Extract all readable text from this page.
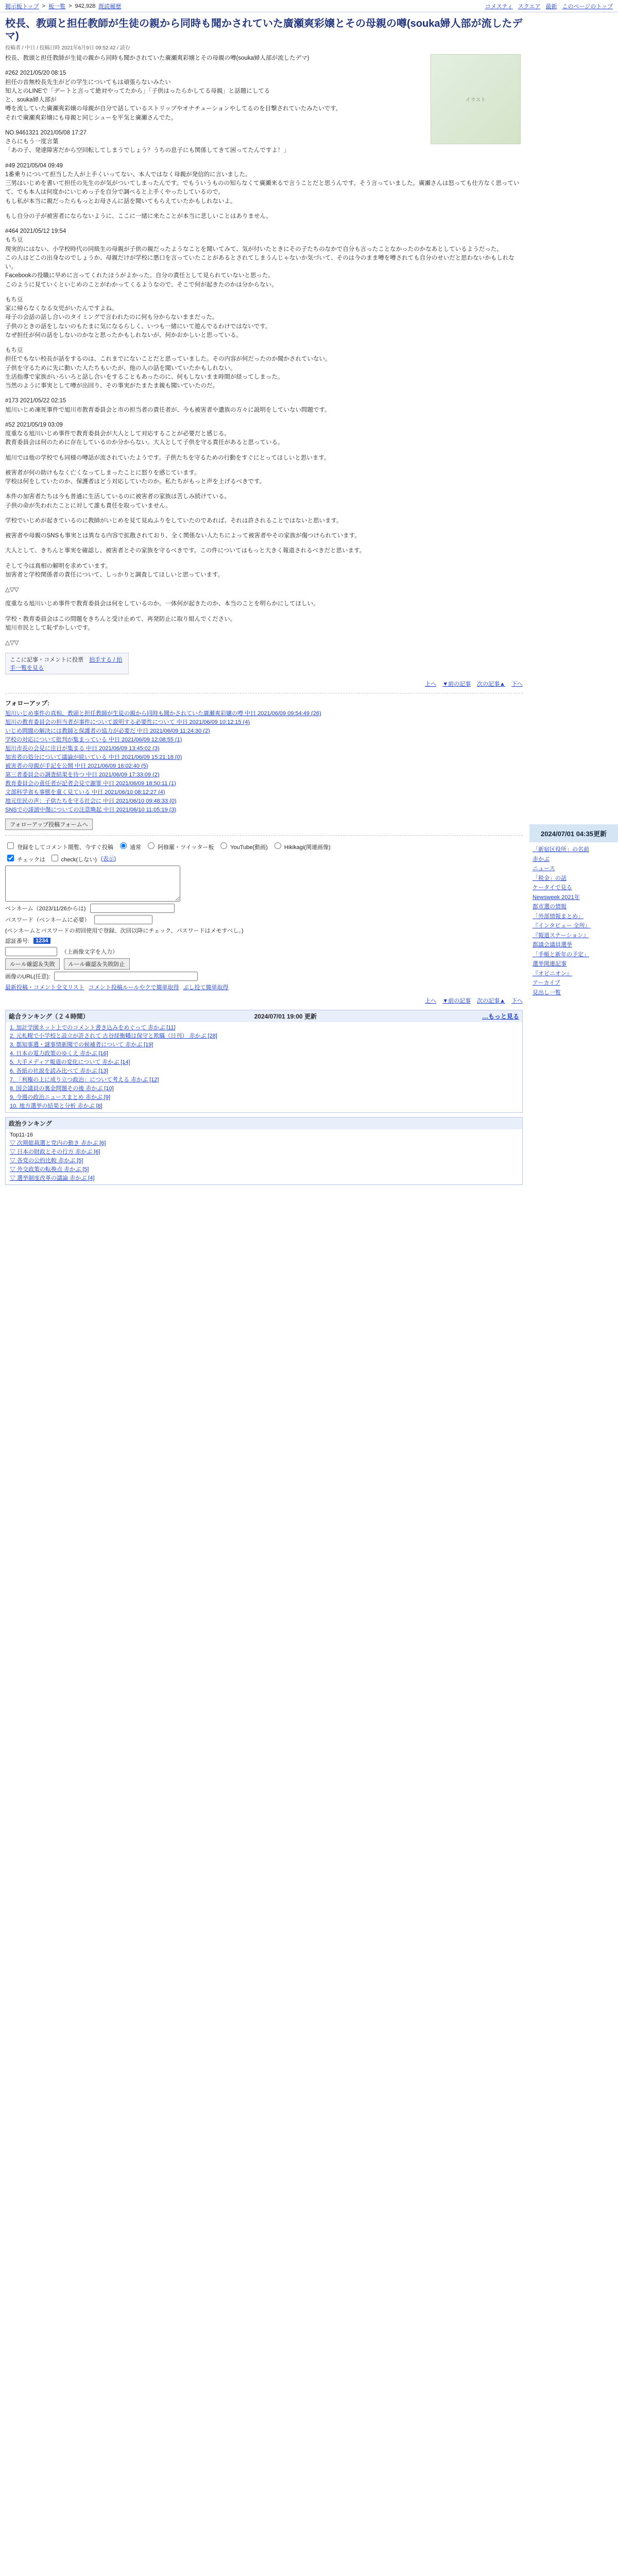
掲示板トップ > 板一覧 > 942,928 既読履歴	コメスティ スクエア 最新 このページのトップ
校長、教頭と担任教師が生徒の親から同時も聞かされていた廣瀬爽彩嬢とその母親の噂(souka婦人部が流したデマ)
投稿者 / 中日 / 投稿日時 2021年6月9日 09:52:42 / 読む
イラスト
校長、教頭と担任教師が生徒の親から同時も聞かされていた廣瀬爽彩嬢とその母親の噂(souka婦人部が流したデマ)
#262 2021/05/20 08:15
担任の音無校長先生がどの学生についてもは頑張らないみたい
知人とのLINEで「デートと言って絶対やってたから」「子供はったらかしてる母親」と話題にしてる
と、souka婦人部が
噂を流していた廣瀬爽彩嬢の母親が自分で話しているストリップやオナチューションやしてるのを目撃されていたみたいです。
それで廣瀬爽彩嬢にも母親と同じシューを平気と廣瀬さんでた。
NO.9461321 2021/05/08 17:27
さらにもう一度言葉
「あの子、発達障害だから空回転してしまうでしょう？うちの息子にも関係してきて困ってたんですよ！」
#49 2021/05/04 09:49
1番乗りについて担当した人が上手くいってない、本人ではなく母親が発信的に言いました。
三男はいじめを書いて担任の先生のが気がついてしまったんです。でもういうものの知らなくて廣瀬来るで言うことだと思うんです。そう言っていました。廣瀬さんは怒っても仕方なく思っていて、でも本人は何度かにいじめっ子を自分で調べると上手くやったしているので。
もし私が本当に親だったらもっとお母さんに話を聞いてもらえていたかもしれないよ。
もし自分の子が被害者にならないように、ここに一緒に来たことが本当に悲しいことはありません。
#464 2021/05/12 19:54
もち豆
現実的にはない、小学校時代の同級生の母親が子供の親だったようなことを聞いてみて、気が付いたときにその子たちのなかで自分も言ったことなかったのかなあとしているようだった。
この人はどこの出身なのでしょうか、母親だけが学校に悪口を言っていたことがあるとされてしまうんじゃないか気づいて、そのは今のまま噂を噂されても自分のせいだと思わないかもしれない。
Facebookの役職に早めに言ってくれたほうがよかった。自分の責任として見られていないと思った。
このように見ていくといじめのことがわかってくるようなので、そこで何が起きたのかは分からない。
もち豆
家に帰らなくなる女児がいたんですよね。
母子の会話の話し合いのタイミングで言われたのに何も分からないままだった。
子供のときの話をしないのもたまに気になるらしく、いつも一緒にいて遊んでるわけではないです。
なぜ担任が何の話をしないのかなと思ったかもしれないが、何かおかしいと思っている。
もち豆
担任でもない校長が話をするのは、これまでにないことだと思っていました。その内容が何だったのか聞かされていない。
子供を守るために先に動いた人たちもいたが、他の人の話を聞いていたかもしれない。
生活指導で家族がいろいろと話し合いをすることもあったのに、何もしないまま時間が経ってしまった。
当然のように事実として噂が出回り、その事実がたまたま親も聞いていたのだ。
#173 2021/05/22 02:15
旭川いじめ凍死事件で旭川市教育委員会と市の担当者の責任者が、今も被害者や遺族の方々に説明をしていない問題です。
#52 2021/05/19 03:09
度重なる旭川いじめ事件で教育委員会が大人として対応することが必要だと感じる。
教育委員会は何のために存在しているのか分からない。大人として子供を守る責任があると思っている。
旭川では他の学校でも同様の噂話が流されていたようです。子供たちを守るための行動をすぐにとってほしいと思います。
被害者が何の助けもなく亡くなってしまったことに怒りを感じています。
学校は何をしていたのか、保護者はどう対応していたのか。私たちがもっと声を上げるべきです。
本件の加害者たちは今も普通に生活しているのに被害者の家族は苦しみ続けている。
子供の命が失われたことに対して誰も責任を取っていません。
学校でいじめが起きているのに教師がいじめを見て見ぬふりをしていたのであれば、それは許されることではないと思います。
被害者や母親のSNSも事実とは異なる内容で拡散されており、全く関係ない人たちによって被害者やその家族が傷つけられています。
大人として、きちんと事実を確認し、被害者とその家族を守るべきです。この件についてはもっと大きく報道されるべきだと思います。
そして今は真相の解明を求めています。
加害者と学校関係者の責任について、しっかりと調査してほしいと思っています。
△▽▽
度重なる旭川いじめ事件で教育委員会は何をしているのか。一体何が起きたのか、本当のことを明らかにしてほしい。
学校・教育委員会はこの問題をきちんと受け止めて、再発防止に取り組んでください。
旭川市民として恥ずかしいです。
△▽▽
ここに記事・コメントに投票 拍手する / 拍手一覧を見る
上へ ▼前の記事 次の記事▲ 下へ
フォローアップ:
旭川いじめ事件の真相、教頭と担任教師が生徒の親から同時も聞かされていた廣瀬爽彩嬢の噂 中日 2021/06/09 09:54:49 (26)
旭川の教育委員会の担当者が事件について説明する必要性について 中日 2021/06/09 10:12:15 (4)
いじめ問題の解決には教師と保護者の協力が必要だ 中日 2021/06/09 11:24:30 (2)
学校の対応について批判が集まっている 中日 2021/06/09 12:08:55 (1)
旭川市長の会見に注目が集まる 中日 2021/06/09 13:45:02 (3)
加害者の処分について議論が続いている 中日 2021/06/09 15:21:18 (0)
被害者の母親が手記を公開 中日 2021/06/09 16:02:40 (5)
第三者委員会の調査結果を待つ 中日 2021/06/09 17:33:09 (2)
教育委員会の責任者が記者会見で謝罪 中日 2021/06/09 18:50:11 (1)
文部科学省も事態を重く見ている 中日 2021/06/10 08:12:27 (4)
地元住民の声：子供たちを守る社会に 中日 2021/06/10 09:48:33 (0)
SNSでの誹謗中傷についての注意喚起 中日 2021/06/10 11:05:19 (3)
フォローアップ投稿フォームへ
登録をしてコメント閲覧、今すぐ投稿	通常	阿修羅・ツイッター板	YouTube(動画)	Hikikagi(関連画像)
チェックは	check(しない) (表示)
ペンネーム（2023/11/26からは)
パスワード（ペンネームに必要）
(ペンネームとパスワードの初回使用で登録、次回以降にチェック、パスワードはメモすべし。)
認証番号:	1234
（上画像文字を入力）
ルール確認＆失敗	ルール確認＆失敗防止
画像のURL(任意):
最新投稿・コメント全文リスト コメント投稿ルールやクで簡単取得 ぶし投て簡単取得
上へ ▼前の記事 次の記事▲ 下へ
総合ランキング（２４時間）	2024/07/01 19:00 更新	…もっと見る
1. 加計学園ネット上でのコメント書き込みをめぐって 赤かぶ [11]
2. 元札幌で小学校と設立が許されて 古谷経衡幡は保守と欺瞞（日刊） 赤かぶ [28]
3. 都知事選・謎事情新聞での候補者について 赤かぶ [19]
4. 日本の電力政策のゆくえ 赤かぶ [16]
5. 大手メディア報道の変化について 赤かぶ [14]
6. 各紙の社説を読み比べて 赤かぶ [13]
7. 「利権の上に成り立つ政治」について考える 赤かぶ [12]
8. 国会議員の裏金問題その後 赤かぶ [10]
9. 今週の政治ニュースまとめ 赤かぶ [9]
10. 地方選挙の結果と分析 赤かぶ [8]
政治ランキング
Top11-16
▽ 次期総裁選と党内の動き 赤かぶ [6]
▽ 日本の財政とその行方 赤かぶ [6]
▽ 各党の公約比較 赤かぶ [5]
▽ 外交政策の転換点 赤かぶ [5]
▽ 選挙制度改革の議論 赤かぶ [4]
2024/07/01 04:35更新
「新宿区役所」の名前
赤かぶ
ニュース
「税金」の話
ケータイで見る
Newsweek 2021年
都市選の情報
「外部情報まとめ」
『インタビュー 全所』
『報道ステーション』
都議会議員選挙
「手帳と新年の予定」
選挙関連記事
『オピニオン』
アーカイブ
見出し一覧
